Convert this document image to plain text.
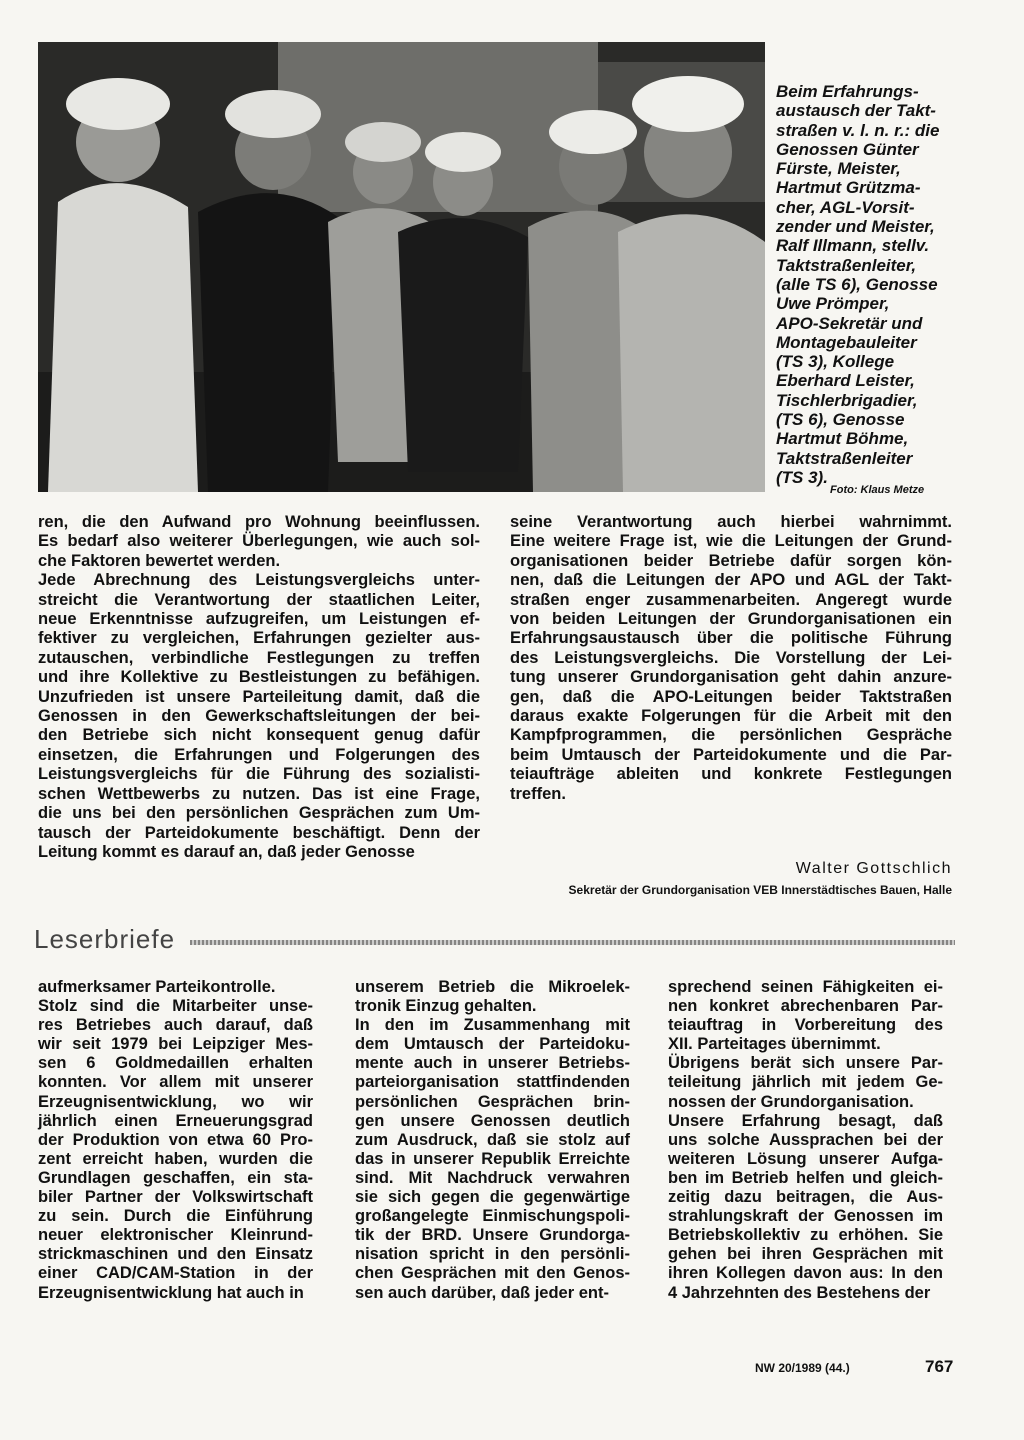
Beim Erfahrungs-
austausch der Takt-
straßen v. l. n. r.: die
Genossen Günter
Fürste, Meister,
Hartmut Grützma-
cher, AGL-Vorsit-
zender und Meister,
Ralf Illmann, stellv.
Taktstraßenleiter,
(alle TS 6), Genosse
Uwe Prömper,
APO-Sekretär und
Montagebauleiter
(TS 3), Kollege
Eberhard Leister,
Tischlerbrigadier,
(TS 6), Genosse
Hartmut Böhme,
Taktstraßenleiter
(TS 3).
Foto: Klaus Metze
ren, die den Aufwand pro Wohnung beeinflussen.
Es bedarf also weiterer Überlegungen, wie auch sol-
che Faktoren bewertet werden.
Jede Abrechnung des Leistungsvergleichs unter-
streicht die Verantwortung der staatlichen Leiter,
neue Erkenntnisse aufzugreifen, um Leistungen ef-
fektiver zu vergleichen, Erfahrungen gezielter aus-
zutauschen, verbindliche Festlegungen zu treffen
und ihre Kollektive zu Bestleistungen zu befähigen.
Unzufrieden ist unsere Parteileitung damit, daß die
Genossen in den Gewerkschaftsleitungen der bei-
den Betriebe sich nicht konsequent genug dafür
einsetzen, die Erfahrungen und Folgerungen des
Leistungsvergleichs für die Führung des sozialisti-
schen Wettbewerbs zu nutzen. Das ist eine Frage,
die uns bei den persönlichen Gesprächen zum Um-
tausch der Parteidokumente beschäftigt. Denn der
Leitung kommt es darauf an, daß jeder Genosse
seine Verantwortung auch hierbei wahrnimmt.
Eine weitere Frage ist, wie die Leitungen der Grund-
organisationen beider Betriebe dafür sorgen kön-
nen, daß die Leitungen der APO und AGL der Takt-
straßen enger zusammenarbeiten. Angeregt wurde
von beiden Leitungen der Grundorganisationen ein
Erfahrungsaustausch über die politische Führung
des Leistungsvergleichs. Die Vorstellung der Lei-
tung unserer Grundorganisation geht dahin anzure-
gen, daß die APO-Leitungen beider Taktstraßen
daraus exakte Folgerungen für die Arbeit mit den
Kampfprogrammen, die persönlichen Gespräche
beim Umtausch der Parteidokumente und die Par-
teiaufträge ableiten und konkrete Festlegungen
treffen.
Walter Gottschlich
Sekretär der Grundorganisation VEB Innerstädtisches Bauen, Halle
Leserbriefe
aufmerksamer Parteikontrolle.
Stolz sind die Mitarbeiter unse-
res Betriebes auch darauf, daß
wir seit 1979 bei Leipziger Mes-
sen 6 Goldmedaillen erhalten
konnten. Vor allem mit unserer
Erzeugnisentwicklung, wo wir
jährlich einen Erneuerungsgrad
der Produktion von etwa 60 Pro-
zent erreicht haben, wurden die
Grundlagen geschaffen, ein sta-
biler Partner der Volkswirtschaft
zu sein. Durch die Einführung
neuer elektronischer Kleinrund-
strickmaschinen und den Einsatz
einer CAD/CAM-Station in der
Erzeugnisentwicklung hat auch in
unserem Betrieb die Mikroelek-
tronik Einzug gehalten.
In den im Zusammenhang mit
dem Umtausch der Parteidoku-
mente auch in unserer Betriebs-
parteiorganisation stattfindenden
persönlichen Gesprächen brin-
gen unsere Genossen deutlich
zum Ausdruck, daß sie stolz auf
das in unserer Republik Erreichte
sind. Mit Nachdruck verwahren
sie sich gegen die gegenwärtige
großangelegte Einmischungspoli-
tik der BRD. Unsere Grundorga-
nisation spricht in den persönli-
chen Gesprächen mit den Genos-
sen auch darüber, daß jeder ent-
sprechend seinen Fähigkeiten ei-
nen konkret abrechenbaren Par-
teiauftrag in Vorbereitung des
XII. Parteitages übernimmt.
Übrigens berät sich unsere Par-
teileitung jährlich mit jedem Ge-
nossen der Grundorganisation.
Unsere Erfahrung besagt, daß
uns solche Aussprachen bei der
weiteren Lösung unserer Aufga-
ben im Betrieb helfen und gleich-
zeitig dazu beitragen, die Aus-
strahlungskraft der Genossen im
Betriebskollektiv zu erhöhen. Sie
gehen bei ihren Gesprächen mit
ihren Kollegen davon aus: In den
4 Jahrzehnten des Bestehens der
NW 20/1989 (44.)	767
